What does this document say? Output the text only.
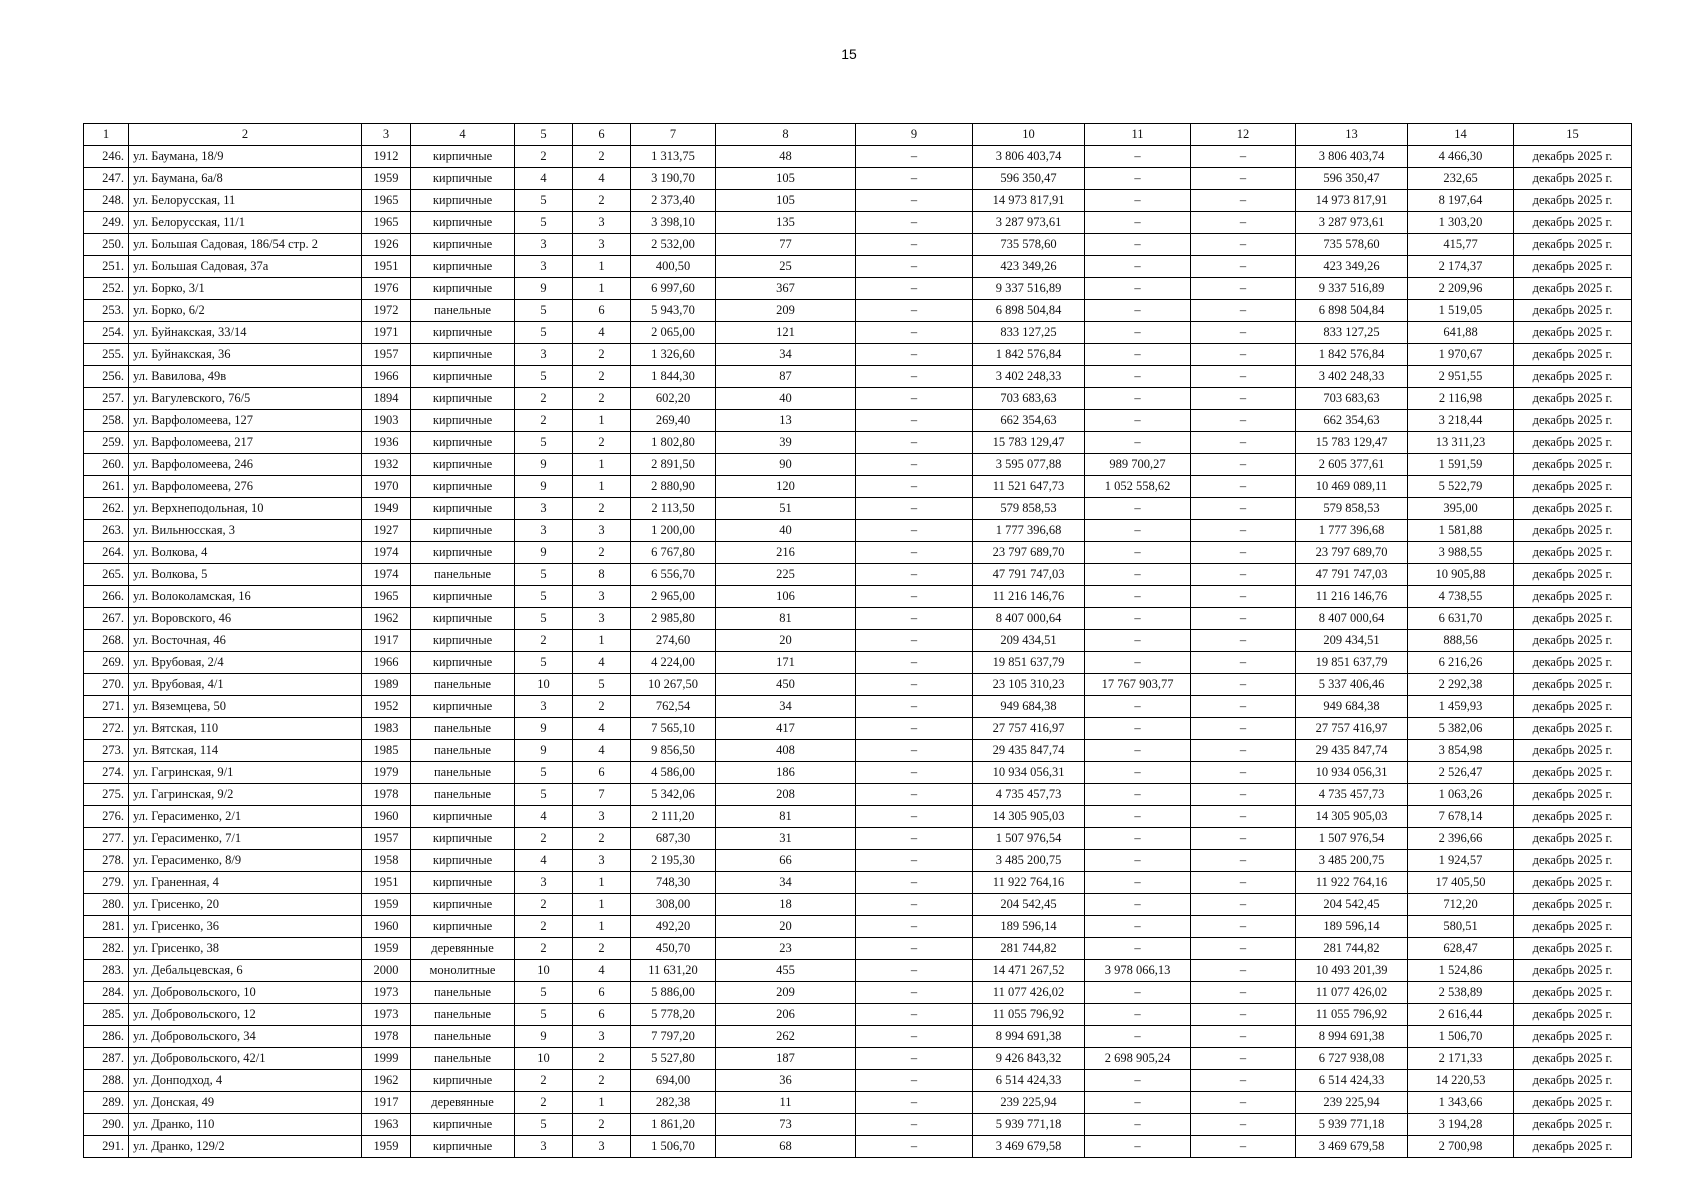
15
1	2	3	4	5	6	7	8	9	10	11	12	13	14	15
246.	ул. Баумана, 18/9	1912	кирпичные	2	2	1 313,75	48	–	3 806 403,74	–	–	3 806 403,74	4 466,30	декабрь 2025 г.
247.	ул. Баумана, 6а/8	1959	кирпичные	4	4	3 190,70	105	–	596 350,47	–	–	596 350,47	232,65	декабрь 2025 г.
248.	ул. Белорусская, 11	1965	кирпичные	5	2	2 373,40	105	–	14 973 817,91	–	–	14 973 817,91	8 197,64	декабрь 2025 г.
249.	ул. Белорусская, 11/1	1965	кирпичные	5	3	3 398,10	135	–	3 287 973,61	–	–	3 287 973,61	1 303,20	декабрь 2025 г.
250.	ул. Большая Садовая, 186/54 стр. 2	1926	кирпичные	3	3	2 532,00	77	–	735 578,60	–	–	735 578,60	415,77	декабрь 2025 г.
251.	ул. Большая Садовая, 37а	1951	кирпичные	3	1	400,50	25	–	423 349,26	–	–	423 349,26	2 174,37	декабрь 2025 г.
252.	ул. Борко, 3/1	1976	кирпичные	9	1	6 997,60	367	–	9 337 516,89	–	–	9 337 516,89	2 209,96	декабрь 2025 г.
253.	ул. Борко, 6/2	1972	панельные	5	6	5 943,70	209	–	6 898 504,84	–	–	6 898 504,84	1 519,05	декабрь 2025 г.
254.	ул. Буйнакская, 33/14	1971	кирпичные	5	4	2 065,00	121	–	833 127,25	–	–	833 127,25	641,88	декабрь 2025 г.
255.	ул. Буйнакская, 36	1957	кирпичные	3	2	1 326,60	34	–	1 842 576,84	–	–	1 842 576,84	1 970,67	декабрь 2025 г.
256.	ул. Вавилова, 49в	1966	кирпичные	5	2	1 844,30	87	–	3 402 248,33	–	–	3 402 248,33	2 951,55	декабрь 2025 г.
257.	ул. Вагулевского, 76/5	1894	кирпичные	2	2	602,20	40	–	703 683,63	–	–	703 683,63	2 116,98	декабрь 2025 г.
258.	ул. Варфоломеева, 127	1903	кирпичные	2	1	269,40	13	–	662 354,63	–	–	662 354,63	3 218,44	декабрь 2025 г.
259.	ул. Варфоломеева, 217	1936	кирпичные	5	2	1 802,80	39	–	15 783 129,47	–	–	15 783 129,47	13 311,23	декабрь 2025 г.
260.	ул. Варфоломеева, 246	1932	кирпичные	9	1	2 891,50	90	–	3 595 077,88	989 700,27	–	2 605 377,61	1 591,59	декабрь 2025 г.
261.	ул. Варфоломеева, 276	1970	кирпичные	9	1	2 880,90	120	–	11 521 647,73	1 052 558,62	–	10 469 089,11	5 522,79	декабрь 2025 г.
262.	ул. Верхнеподольная, 10	1949	кирпичные	3	2	2 113,50	51	–	579 858,53	–	–	579 858,53	395,00	декабрь 2025 г.
263.	ул. Вильнюсская, 3	1927	кирпичные	3	3	1 200,00	40	–	1 777 396,68	–	–	1 777 396,68	1 581,88	декабрь 2025 г.
264.	ул. Волкова, 4	1974	кирпичные	9	2	6 767,80	216	–	23 797 689,70	–	–	23 797 689,70	3 988,55	декабрь 2025 г.
265.	ул. Волкова, 5	1974	панельные	5	8	6 556,70	225	–	47 791 747,03	–	–	47 791 747,03	10 905,88	декабрь 2025 г.
266.	ул. Волоколамская, 16	1965	кирпичные	5	3	2 965,00	106	–	11 216 146,76	–	–	11 216 146,76	4 738,55	декабрь 2025 г.
267.	ул. Воровского, 46	1962	кирпичные	5	3	2 985,80	81	–	8 407 000,64	–	–	8 407 000,64	6 631,70	декабрь 2025 г.
268.	ул. Восточная, 46	1917	кирпичные	2	1	274,60	20	–	209 434,51	–	–	209 434,51	888,56	декабрь 2025 г.
269.	ул. Врубовая, 2/4	1966	кирпичные	5	4	4 224,00	171	–	19 851 637,79	–	–	19 851 637,79	6 216,26	декабрь 2025 г.
270.	ул. Врубовая, 4/1	1989	панельные	10	5	10 267,50	450	–	23 105 310,23	17 767 903,77	–	5 337 406,46	2 292,38	декабрь 2025 г.
271.	ул. Вяземцева, 50	1952	кирпичные	3	2	762,54	34	–	949 684,38	–	–	949 684,38	1 459,93	декабрь 2025 г.
272.	ул. Вятская, 110	1983	панельные	9	4	7 565,10	417	–	27 757 416,97	–	–	27 757 416,97	5 382,06	декабрь 2025 г.
273.	ул. Вятская, 114	1985	панельные	9	4	9 856,50	408	–	29 435 847,74	–	–	29 435 847,74	3 854,98	декабрь 2025 г.
274.	ул. Гагринская, 9/1	1979	панельные	5	6	4 586,00	186	–	10 934 056,31	–	–	10 934 056,31	2 526,47	декабрь 2025 г.
275.	ул. Гагринская, 9/2	1978	панельные	5	7	5 342,06	208	–	4 735 457,73	–	–	4 735 457,73	1 063,26	декабрь 2025 г.
276.	ул. Герасименко, 2/1	1960	кирпичные	4	3	2 111,20	81	–	14 305 905,03	–	–	14 305 905,03	7 678,14	декабрь 2025 г.
277.	ул. Герасименко, 7/1	1957	кирпичные	2	2	687,30	31	–	1 507 976,54	–	–	1 507 976,54	2 396,66	декабрь 2025 г.
278.	ул. Герасименко, 8/9	1958	кирпичные	4	3	2 195,30	66	–	3 485 200,75	–	–	3 485 200,75	1 924,57	декабрь 2025 г.
279.	ул. Граненная, 4	1951	кирпичные	3	1	748,30	34	–	11 922 764,16	–	–	11 922 764,16	17 405,50	декабрь 2025 г.
280.	ул. Грисенко, 20	1959	кирпичные	2	1	308,00	18	–	204 542,45	–	–	204 542,45	712,20	декабрь 2025 г.
281.	ул. Грисенко, 36	1960	кирпичные	2	1	492,20	20	–	189 596,14	–	–	189 596,14	580,51	декабрь 2025 г.
282.	ул. Грисенко, 38	1959	деревянные	2	2	450,70	23	–	281 744,82	–	–	281 744,82	628,47	декабрь 2025 г.
283.	ул. Дебальцевская, 6	2000	монолитные	10	4	11 631,20	455	–	14 471 267,52	3 978 066,13	–	10 493 201,39	1 524,86	декабрь 2025 г.
284.	ул. Добровольского, 10	1973	панельные	5	6	5 886,00	209	–	11 077 426,02	–	–	11 077 426,02	2 538,89	декабрь 2025 г.
285.	ул. Добровольского, 12	1973	панельные	5	6	5 778,20	206	–	11 055 796,92	–	–	11 055 796,92	2 616,44	декабрь 2025 г.
286.	ул. Добровольского, 34	1978	панельные	9	3	7 797,20	262	–	8 994 691,38	–	–	8 994 691,38	1 506,70	декабрь 2025 г.
287.	ул. Добровольского, 42/1	1999	панельные	10	2	5 527,80	187	–	9 426 843,32	2 698 905,24	–	6 727 938,08	2 171,33	декабрь 2025 г.
288.	ул. Донподход, 4	1962	кирпичные	2	2	694,00	36	–	6 514 424,33	–	–	6 514 424,33	14 220,53	декабрь 2025 г.
289.	ул. Донская, 49	1917	деревянные	2	1	282,38	11	–	239 225,94	–	–	239 225,94	1 343,66	декабрь 2025 г.
290.	ул. Дранко, 110	1963	кирпичные	5	2	1 861,20	73	–	5 939 771,18	–	–	5 939 771,18	3 194,28	декабрь 2025 г.
291.	ул. Дранко, 129/2	1959	кирпичные	3	3	1 506,70	68	–	3 469 679,58	–	–	3 469 679,58	2 700,98	декабрь 2025 г.
